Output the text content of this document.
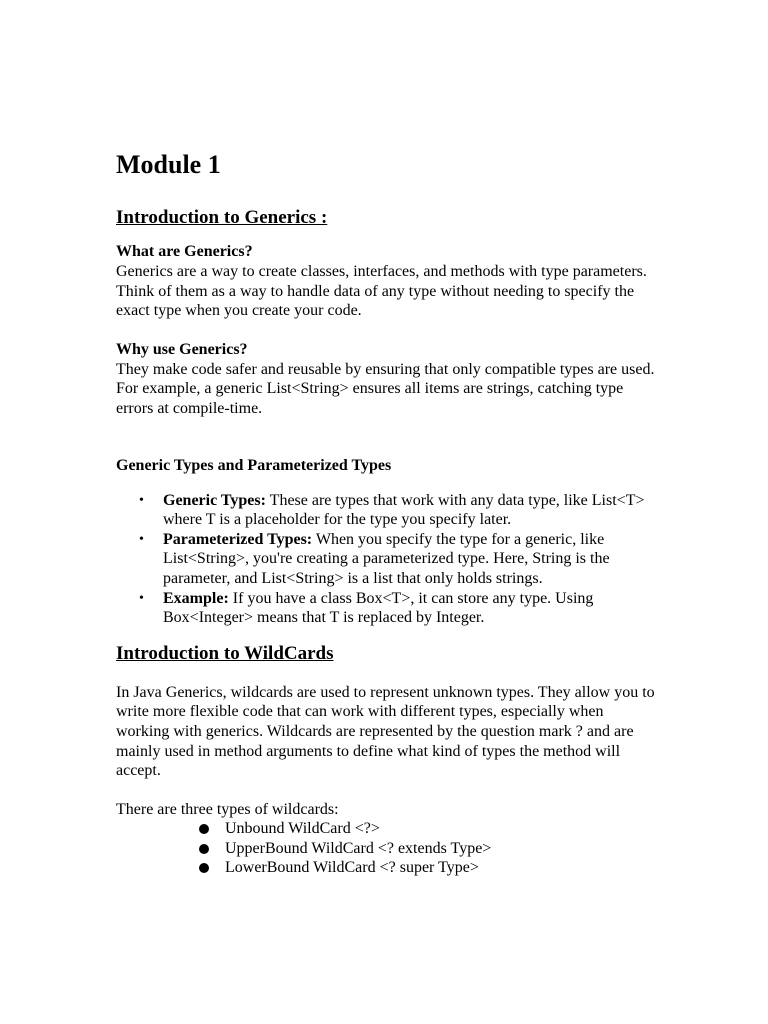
Module 1
Introduction to Generics :
What are Generics?

Generics are a way to create classes, interfaces, and methods with type parameters. Think of them as a way to handle data of any type without needing to specify the exact type when you create your code.

Why use Generics?

They make code safer and reusable by ensuring that only compatible types are used. For example, a generic List<String> ensures all items are strings, catching type errors at compile-time.

Generic Types and Parameterized Types
• Generic Types: These are types that work with any data type, like List<T> where T is a placeholder for the type you specify later.
• Parameterized Types: When you specify the type for a generic, like List<String>, you're creating a parameterized type. Here, String is the parameter, and List<String> is a list that only holds strings.
• Example: If you have a class Box<T>, it can store any type. Using Box<Integer> means that T is replaced by Integer.
Introduction to WildCards

In Java Generics, wildcards are used to represent unknown types. They allow you to write more flexible code that can work with different types, especially when working with generics. Wildcards are represented by the question mark ? and are mainly used in method arguments to define what kind of types the method will accept.

There are three types of wildcards:

Unbound WildCard <?>
UpperBound WildCard <? extends Type>
LowerBound WildCard <? super Type>
